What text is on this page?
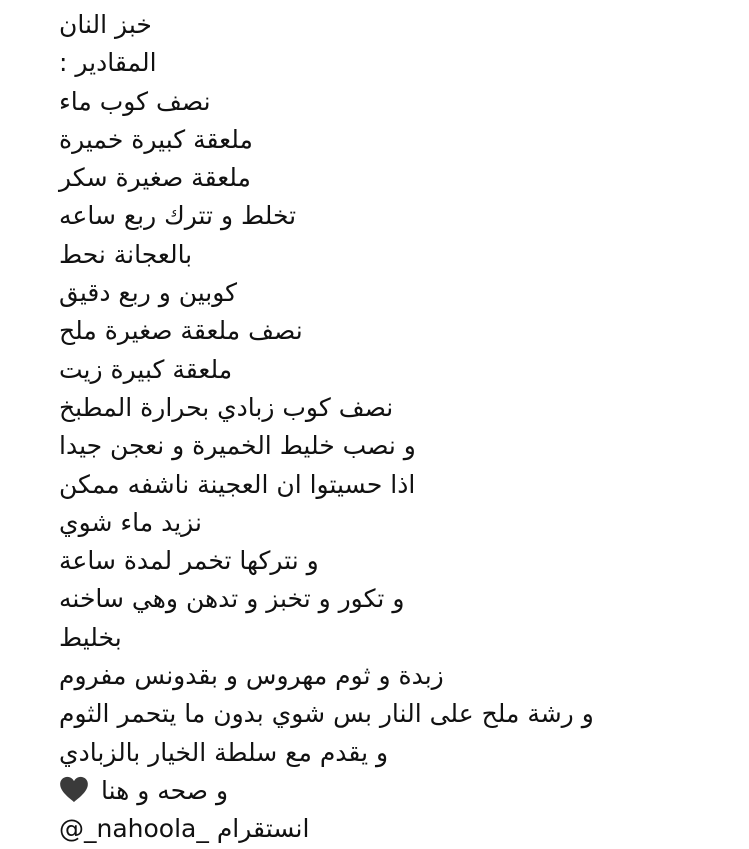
خبز النان
المقادير :
نصف كوب ماء
ملعقة كبيرة خميرة
ملعقة صغيرة سكر
تخلط و تترك ربع ساعه
بالعجانة نحط
كوبين و ربع دقيق
نصف ملعقة صغيرة ملح
ملعقة كبيرة زيت
نصف كوب زبادي بحرارة المطبخ
و نصب خليط الخميرة و نعجن جيدا
اذا حسيتوا ان العجينة ناشفه ممكن
نزيد ماء شوي
و نتركها تخمر لمدة ساعة
و تكور و تخبز و تدهن وهي ساخنه
بخليط
زبدة و ثوم مهروس و بقدونس مفروم
و رشة ملح على النار بس شوي بدون ما يتحمر الثوم
و يقدم مع سلطة الخيار بالزبادي
و صحه و هنا
@_nahoola_ انستقرام
